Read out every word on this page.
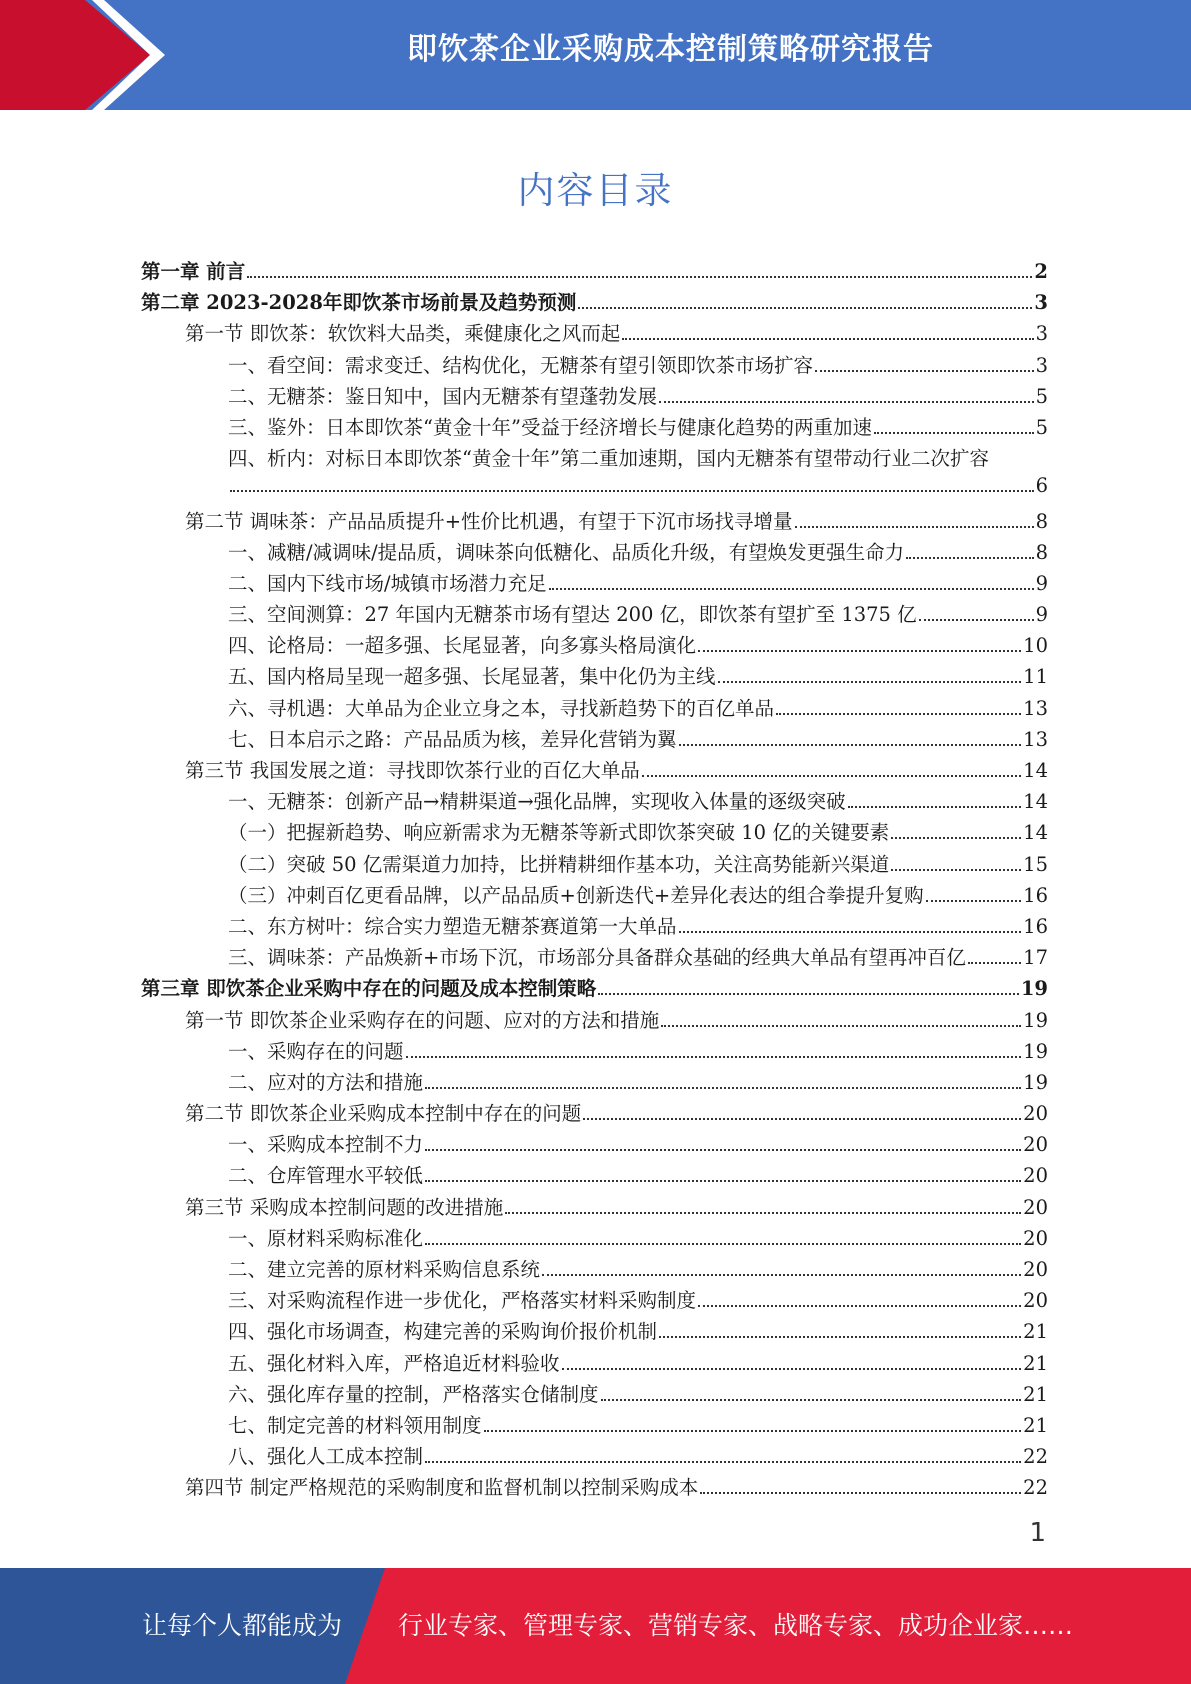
即饮茶企业采购成本控制策略研究报告
内容目录
第一章 前言	2
第二章 2023-2028年即饮茶市场前景及趋势预测	3
第一节 即饮茶：软饮料大品类，乘健康化之风而起	3
一、看空间：需求变迁、结构优化，无糖茶有望引领即饮茶市场扩容	3
二、无糖茶：鉴日知中，国内无糖茶有望蓬勃发展	5
三、鉴外：日本即饮茶“黄金十年”受益于经济增长与健康化趋势的两重加速	5
四、析内：对标日本即饮茶“黄金十年”第二重加速期，国内无糖茶有望带动行业二次扩容
6
第二节 调味茶：产品品质提升+性价比机遇，有望于下沉市场找寻增量	8
一、减糖/减调味/提品质，调味茶向低糖化、品质化升级，有望焕发更强生命力	8
二、国内下线市场/城镇市场潜力充足	9
三、空间测算：27 年国内无糖茶市场有望达 200 亿，即饮茶有望扩至 1375 亿	9
四、论格局：一超多强、长尾显著，向多寡头格局演化	10
五、国内格局呈现一超多强、长尾显著，集中化仍为主线	11
六、寻机遇：大单品为企业立身之本，寻找新趋势下的百亿单品	13
七、日本启示之路：产品品质为核，差异化营销为翼	13
第三节 我国发展之道：寻找即饮茶行业的百亿大单品	14
一、无糖茶：创新产品→精耕渠道→强化品牌，实现收入体量的逐级突破	14
（一）把握新趋势、响应新需求为无糖茶等新式即饮茶突破 10 亿的关键要素	14
（二）突破 50 亿需渠道力加持，比拼精耕细作基本功，关注高势能新兴渠道	15
（三）冲刺百亿更看品牌，以产品品质+创新迭代+差异化表达的组合拳提升复购	16
二、东方树叶：综合实力塑造无糖茶赛道第一大单品	16
三、调味茶：产品焕新+市场下沉，市场部分具备群众基础的经典大单品有望再冲百亿	17
第三章 即饮茶企业采购中存在的问题及成本控制策略	19
第一节 即饮茶企业采购存在的问题、应对的方法和措施	19
一、采购存在的问题	19
二、应对的方法和措施	19
第二节 即饮茶企业采购成本控制中存在的问题	20
一、采购成本控制不力	20
二、仓库管理水平较低	20
第三节 采购成本控制问题的改进措施	20
一、原材料采购标准化	20
二、建立完善的原材料采购信息系统	20
三、对采购流程作进一步优化，严格落实材料采购制度	20
四、强化市场调查，构建完善的采购询价报价机制	21
五、强化材料入库，严格追近材料验收	21
六、强化库存量的控制，严格落实仓储制度	21
七、制定完善的材料领用制度	21
八、强化人工成本控制	22
第四节 制定严格规范的采购制度和监督机制以控制采购成本	22
1
让每个人都能成为 行业专家、管理专家、营销专家、战略专家、成功企业家……
